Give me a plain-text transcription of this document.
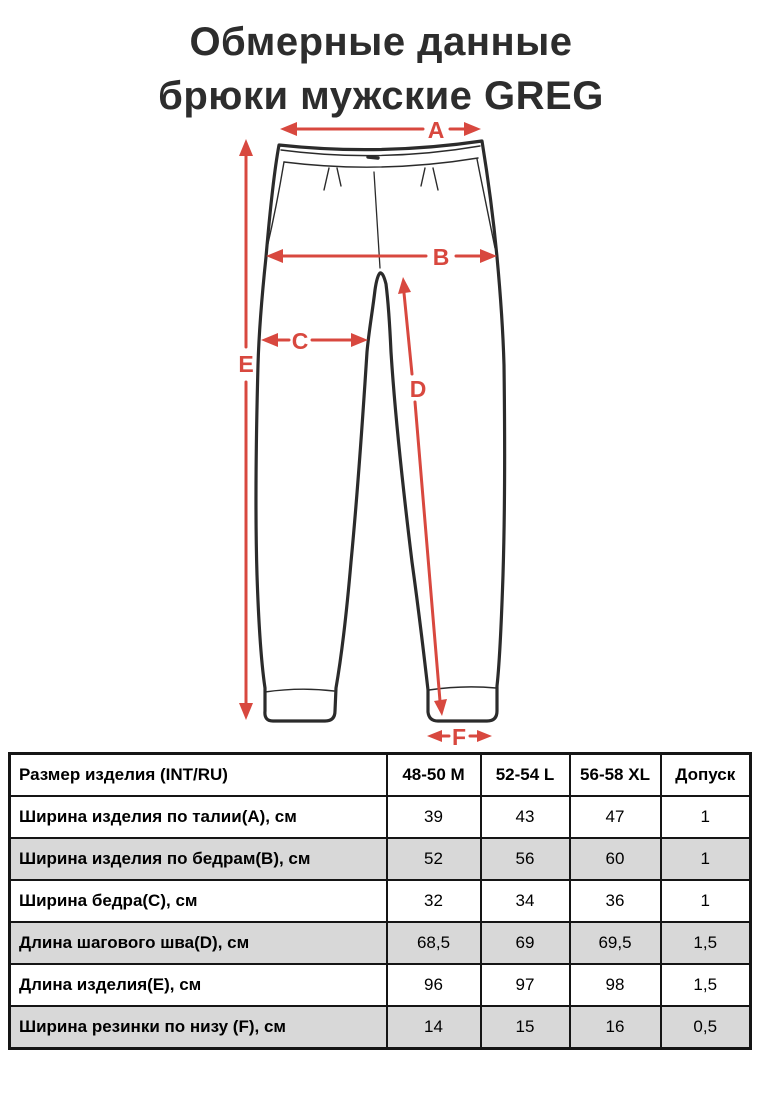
Обмерные данные
брюки мужские GREG
A
B
C
D
E
F
Размер изделия (INT/RU)	48-50 M	52-54 L	56-58 XL	Допуск
Ширина изделия по талии(A), см	39	43	47	1
Ширина изделия по бедрам(B), см	52	56	60	1
Ширина бедра(C), см	32	34	36	1
Длина шагового шва(D), см	68,5	69	69,5	1,5
Длина изделия(E), см	96	97	98	1,5
Ширина резинки по низу (F), см	14	15	16	0,5
